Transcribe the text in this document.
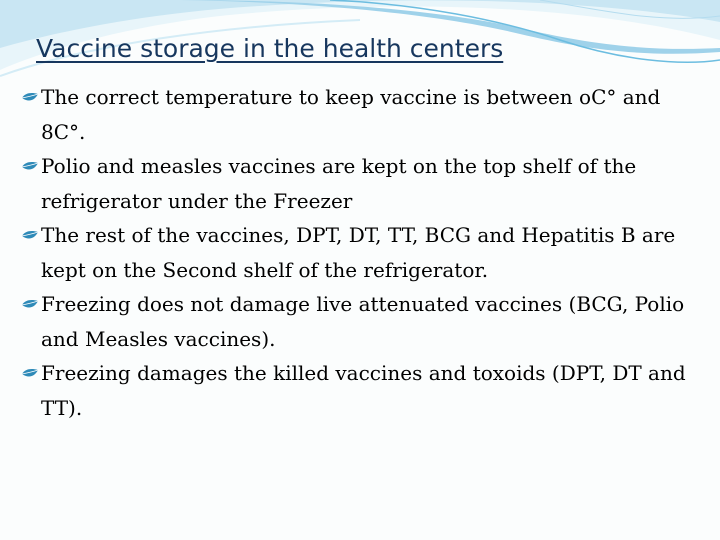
Vaccine storage in the health centers
The correct temperature to keep vaccine is between oC° and 8C°.
Polio and measles vaccines are kept on the top shelf of the refrigerator under the Freezer
The rest of the vaccines, DPT, DT, TT, BCG and Hepatitis B are kept on the Second shelf of the refrigerator.
Freezing does not damage live attenuated vaccines (BCG, Polio and Measles vaccines).
Freezing damages the killed vaccines and toxoids (DPT, DT and TT).
